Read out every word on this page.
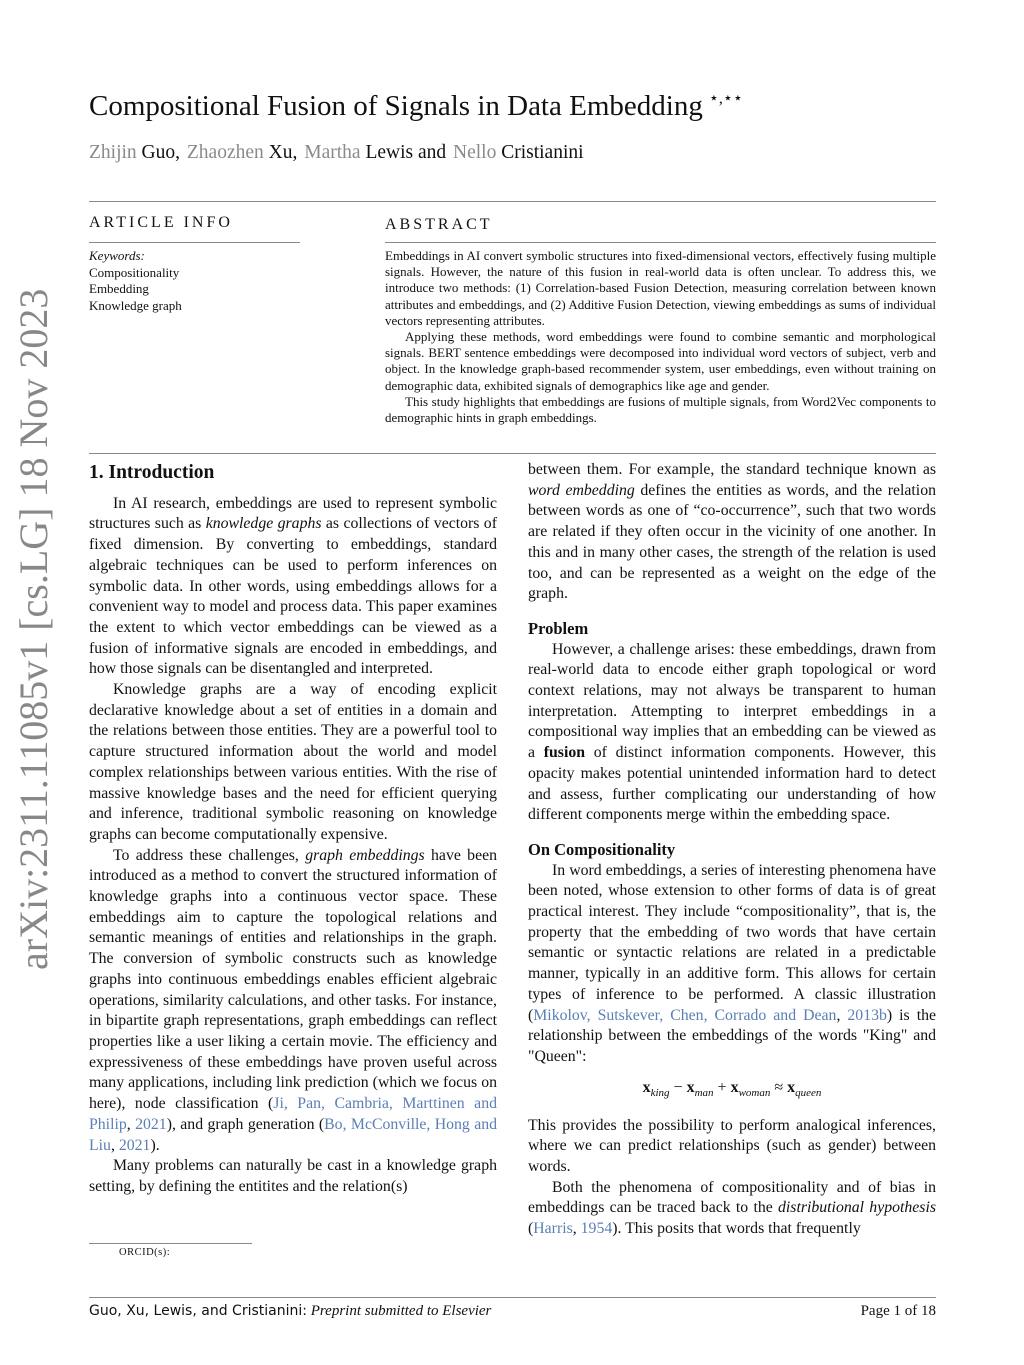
arXiv:2311.11085v1 [cs.LG] 18 Nov 2023
Compositional Fusion of Signals in Data Embedding ⋆,⋆⋆
Zhijin Guo, Zhaozhen Xu, Martha Lewis and Nello Cristianini
ARTICLE INFO
Keywords:
Compositionality
Embedding
Knowledge graph
ABSTRACT

Embeddings in AI convert symbolic structures into fixed-dimensional vectors, effectively fusing multiple signals. However, the nature of this fusion in real-world data is often unclear. To address this, we introduce two methods: (1) Correlation-based Fusion Detection, measuring correlation between known attributes and embeddings, and (2) Additive Fusion Detection, viewing embeddings as sums of individual vectors representing attributes.

Applying these methods, word embeddings were found to combine semantic and morphological signals. BERT sentence embeddings were decomposed into individual word vectors of subject, verb and object. In the knowledge graph-based recommender system, user embeddings, even without training on demographic data, exhibited signals of demographics like age and gender.

This study highlights that embeddings are fusions of multiple signals, from Word2Vec components to demographic hints in graph embeddings.

1. Introduction

In AI research, embeddings are used to represent symbolic structures such as knowledge graphs as collections of vectors of fixed dimension. By converting to embeddings, standard algebraic techniques can be used to perform inferences on symbolic data. In other words, using embeddings allows for a convenient way to model and process data. This paper examines the extent to which vector embeddings can be viewed as a fusion of informative signals are encoded in embeddings, and how those signals can be disentangled and interpreted.

Knowledge graphs are a way of encoding explicit declarative knowledge about a set of entities in a domain and the relations between those entities. They are a powerful tool to capture structured information about the world and model complex relationships between various entities. With the rise of massive knowledge bases and the need for efficient querying and inference, traditional symbolic reasoning on knowledge graphs can become computationally expensive.

To address these challenges, graph embeddings have been introduced as a method to convert the structured information of knowledge graphs into a continuous vector space. These embeddings aim to capture the topological relations and semantic meanings of entities and relationships in the graph. The conversion of symbolic constructs such as knowledge graphs into continuous embeddings enables efficient algebraic operations, similarity calculations, and other tasks. For instance, in bipartite graph representations, graph embeddings can reflect properties like a user liking a certain movie. The efficiency and expressiveness of these embeddings have proven useful across many applications, including link prediction (which we focus on here), node classification (Ji, Pan, Cambria, Marttinen and Philip, 2021), and graph generation (Bo, McConville, Hong and Liu, 2021).

Many problems can naturally be cast in a knowledge graph setting, by defining the entitites and the relation(s)

ORCID(s):

between them. For example, the standard technique known as word embedding defines the entities as words, and the relation between words as one of “co-occurrence”, such that two words are related if they often occur in the vicinity of one another. In this and in many other cases, the strength of the relation is used too, and can be represented as a weight on the edge of the graph.

Problem

However, a challenge arises: these embeddings, drawn from real-world data to encode either graph topological or word context relations, may not always be transparent to human interpretation. Attempting to interpret embeddings in a compositional way implies that an embedding can be viewed as a fusion of distinct information components. However, this opacity makes potential unintended information hard to detect and assess, further complicating our understanding of how different components merge within the embedding space.

On Compositionality

In word embeddings, a series of interesting phenomena have been noted, whose extension to other forms of data is of great practical interest. They include “compositionality”, that is, the property that the embedding of two words that have certain semantic or syntactic relations are related in a predictable manner, typically in an additive form. This allows for certain types of inference to be performed. A classic illustration (Mikolov, Sutskever, Chen, Corrado and Dean, 2013b) is the relationship between the embeddings of the words "King" and "Queen":

$x_{king} - x_{man} + x_{woman} \approx x_{queen}$

This provides the possibility to perform analogical inferences, where we can predict relationships (such as gender) between words.

Both the phenomena of compositionality and of bias in embeddings can be traced back to the distributional hypothesis (Harris, 1954). This posits that words that frequently

Guo, Xu, Lewis, and Cristianini: Preprint submitted to Elsevier	Page 1 of 18
